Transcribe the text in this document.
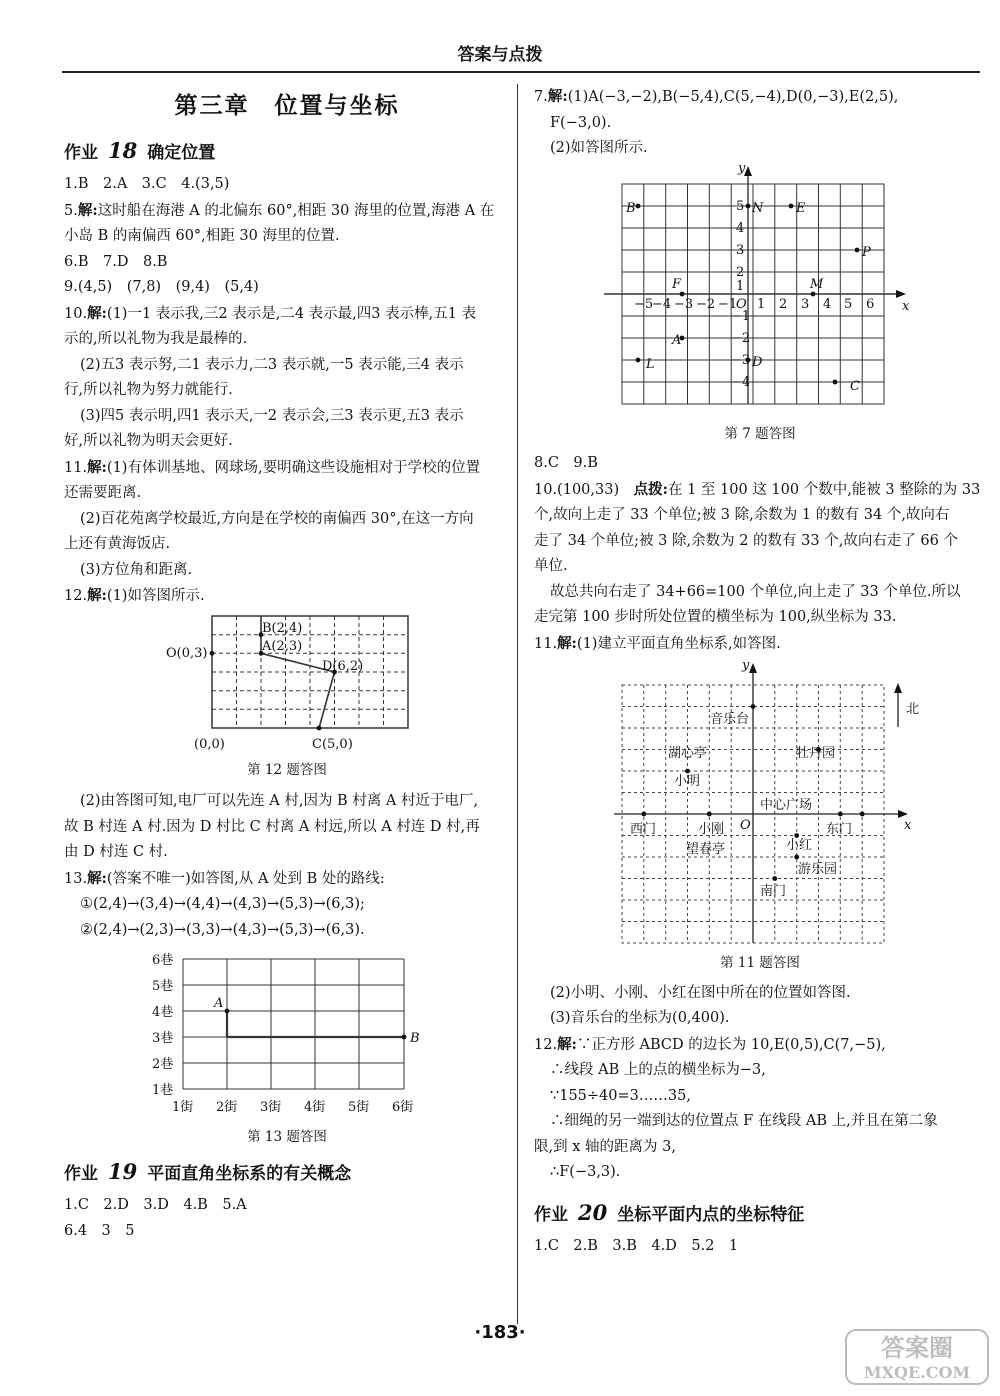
答案与点拨
第三章　位置与坐标
作业 18 确定位置

1.B　2.A　3.C　4.(3,5)

5.解:这时船在海港 A 的北偏东 60°,相距 30 海里的位置,海港 A 在

小岛 B 的南偏西 60°,相距 30 海里的位置.

6.B　7.D　8.B

9.(4,5)　(7,8)　(9,4)　(5,4)

10.解:(1)一1 表示我,三2 表示是,二4 表示最,四3 表示棒,五1 表

示的,所以礼物为我是最棒的.

(2)五3 表示努,二1 表示力,二3 表示就,一5 表示能,三4 表示

行,所以礼物为努力就能行.

(3)四5 表示明,四1 表示天,一2 表示会,三3 表示更,五3 表示

好,所以礼物为明天会更好.

11.解:(1)有体训基地、网球场,要明确这些设施相对于学校的位置

还需要距离.

(2)百花苑离学校最近,方向是在学校的南偏西 30°,在这一方向

上还有黄海饭店.

(3)方位角和距离.

12.解:(1)如答图所示.

B(2,4)
A(2,3)
O(0,3)
D(6,2)
(0,0)	C(5,0)
第 12 题答图

(2)由答图可知,电厂可以先连 A 村,因为 B 村离 A 村近于电厂,

故 B 村连 A 村.因为 D 村比 C 村离 A 村远,所以 A 村连 D 村,再

由 D 村连 C 村.

13.解:(答案不唯一)如答图,从 A 处到 B 处的路线:

①(2,4)→(3,4)→(4,4)→(4,3)→(5,3)→(6,3);

②(2,4)→(2,3)→(3,3)→(4,3)→(5,3)→(6,3).

6巷
5巷
4巷
3巷
2巷
1巷
1街 2街 3街 4街 5街 6街
A
B
第 13 题答图
作业 19 平面直角坐标系的有关概念

1.C　2.D　3.D　4.B　5.A

6.4　3　5

7.解:(1)A(−3,−2),B(−5,4),C(5,−4),D(0,−3),E(2,5),

F(−3,0).

(2)如答图所示.

y
x
O
−5
−4 −3 −2 −1 1 2 3 4 5 6
5
4
3
2
1
−1
−2
−3
−4
B	N	E
P
F	M
A
L	D
C
第 7 题答图

8.C　9.B

10.(100,33)　点拨:在 1 至 100 这 100 个数中,能被 3 整除的为 33

个,故向上走了 33 个单位;被 3 除,余数为 1 的数有 34 个,故向右

走了 34 个单位;被 3 除,余数为 2 的数有 33 个,故向右走了 66 个

单位.

故总共向右走了 34+66=100 个单位,向上走了 33 个单位.所以

走完第 100 步时所处位置的横坐标为 100,纵坐标为 33.

11.解:(1)建立平面直角坐标系,如答图.

y
x
北
O
音乐台
湖心亭
小明
牡丹园
中心广场
西门	小刚	东门
望春亭	小红
游乐园
南门
第 11 题答图

(2)小明、小刚、小红在图中所在的位置如答图.

(3)音乐台的坐标为(0,400).

12.解:∵正方形 ABCD 的边长为 10,E(0,5),C(7,−5),

∴线段 AB 上的点的横坐标为−3,

∵155÷40=3……35,

∴细绳的另一端到达的位置点 F 在线段 AB 上,并且在第二象

限,到 x 轴的距离为 3,

∴F(−3,3).

作业 20 坐标平面内点的坐标特征

1.C　2.B　3.B　4.D　5.2　1

·183·
答案圈
MXQE.COM
